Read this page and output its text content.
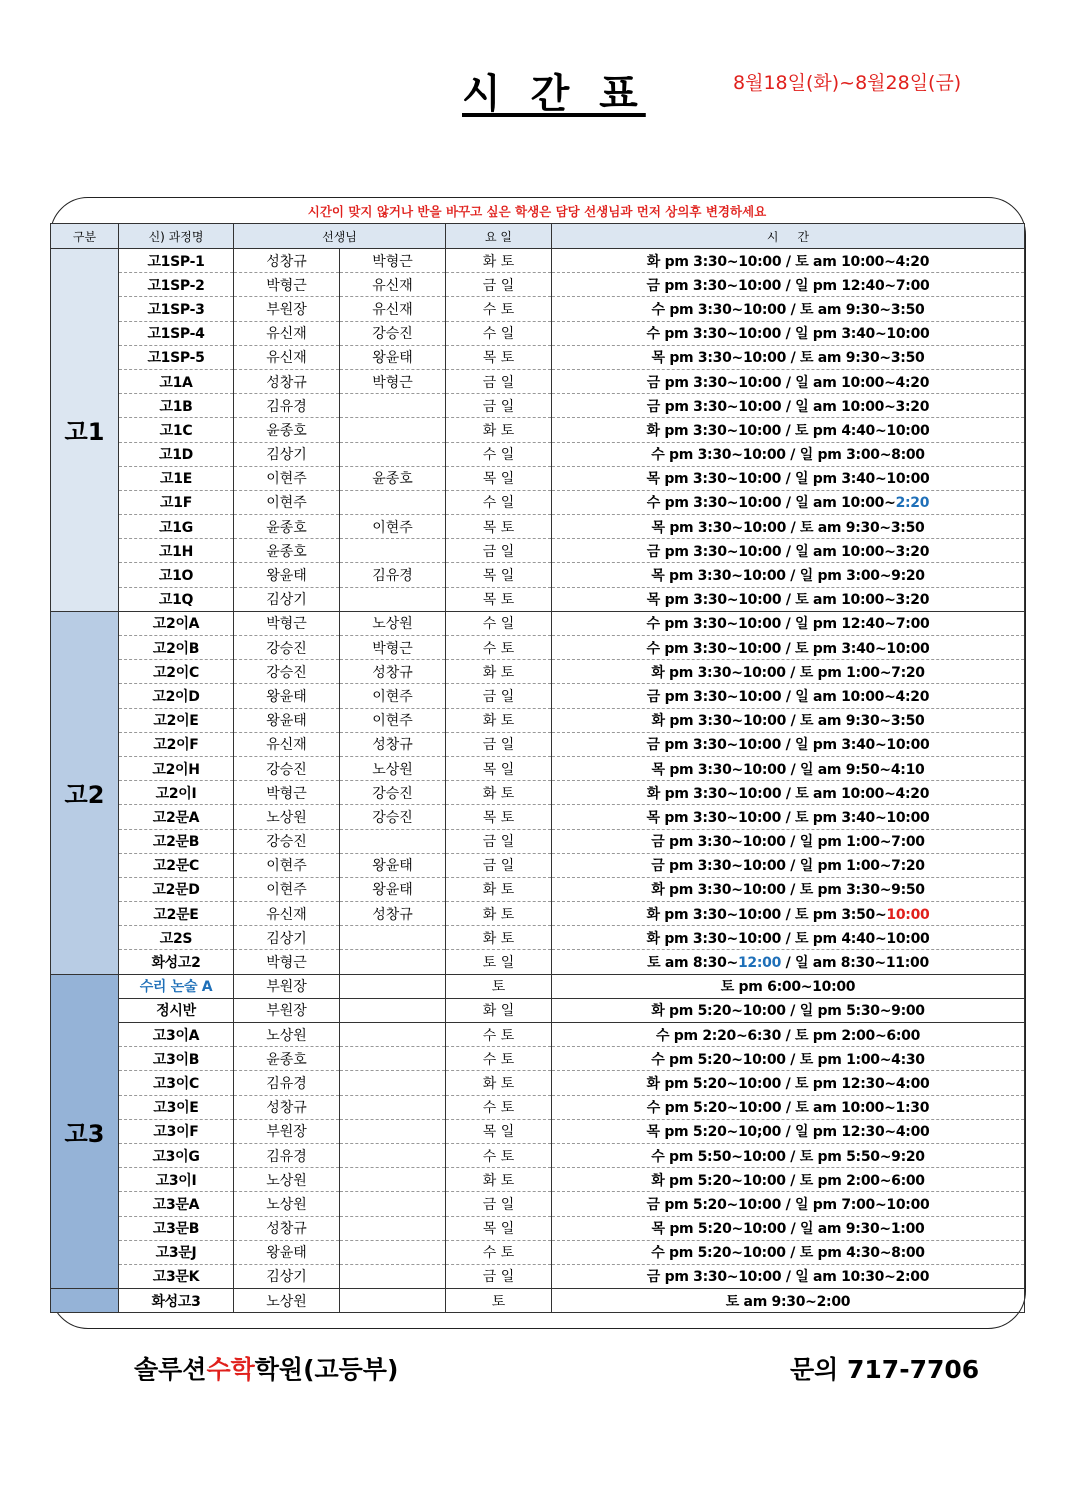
시 간 표	8월18일(화)~8월28일(금)
시간이 맞지 않거나 반을 바꾸고 싶은 학생은 담당 선생님과 먼저 상의후 변경하세요
구분	신) 과정명	선생님		요 일	시     간
고1	고1SP-1	성창규	박형근	화 토	화 pm 3:30~10:00 / 토 am 10:00~4:20
	고1SP-2	박형근	유신재	금 일	금 pm 3:30~10:00 / 일 pm 12:40~7:00
	고1SP-3	부원장	유신재	수 토	수 pm 3:30~10:00 / 토 am 9:30~3:50
	고1SP-4	유신재	강승진	수 일	수 pm 3:30~10:00 / 일 pm 3:40~10:00
	고1SP-5	유신재	왕윤태	목 토	목 pm 3:30~10:00 / 토 am 9:30~3:50
	고1A	성창규	박형근	금 일	금 pm 3:30~10:00 / 일 am 10:00~4:20
	고1B	김유경		금 일	금 pm 3:30~10:00 / 일 am 10:00~3:20
	고1C	윤종호		화 토	화 pm 3:30~10:00 / 토 pm 4:40~10:00
	고1D	김상기		수 일	수 pm 3:30~10:00 / 일 pm 3:00~8:00
	고1E	이현주	윤종호	목 일	목 pm 3:30~10:00 / 일 pm 3:40~10:00
	고1F	이현주		수 일	수 pm 3:30~10:00 / 일 am 10:00~2:20
	고1G	윤종호	이현주	목 토	목 pm 3:30~10:00 / 토 am 9:30~3:50
	고1H	윤종호		금 일	금 pm 3:30~10:00 / 일 am 10:00~3:20
	고1O	왕윤태	김유경	목 일	목 pm 3:30~10:00 / 일 pm 3:00~9:20
	고1Q	김상기		목 토	목 pm 3:30~10:00 / 토 am 10:00~3:20
고2	고2이A	박형근	노상원	수 일	수 pm 3:30~10:00 / 일 pm 12:40~7:00
	고2이B	강승진	박형근	수 토	수 pm 3:30~10:00 / 토 pm 3:40~10:00
	고2이C	강승진	성창규	화 토	화 pm 3:30~10:00 / 토 pm 1:00~7:20
	고2이D	왕윤태	이현주	금 일	금 pm 3:30~10:00 / 일 am 10:00~4:20
	고2이E	왕윤태	이현주	화 토	화 pm 3:30~10:00 / 토 am 9:30~3:50
	고2이F	유신재	성창규	금 일	금 pm 3:30~10:00 / 일 pm 3:40~10:00
	고2이H	강승진	노상원	목 일	목 pm 3:30~10:00 / 일 am 9:50~4:10
	고2이I	박형근	강승진	화 토	화 pm 3:30~10:00 / 토 am 10:00~4:20
	고2문A	노상원	강승진	목 토	목 pm 3:30~10:00 / 토 pm 3:40~10:00
	고2문B	강승진		금 일	금 pm 3:30~10:00 / 일 pm 1:00~7:00
	고2문C	이현주	왕윤태	금 일	금 pm 3:30~10:00 / 일 pm 1:00~7:20
	고2문D	이현주	왕윤태	화 토	화 pm 3:30~10:00 / 토 pm 3:30~9:50
	고2문E	유신재	성창규	화 토	화 pm 3:30~10:00 / 토 pm 3:50~10:00
	고2S	김상기		화 토	화 pm 3:30~10:00 / 토 pm 4:40~10:00
	화성고2	박형근		토 일	토 am 8:30~12:00 / 일 am 8:30~11:00
고3	수리 논술 A	부원장		토	토 pm 6:00~10:00
	정시반	부원장		화 일	화 pm 5:20~10:00 / 일 pm 5:30~9:00
	고3이A	노상원		수 토	수 pm 2:20~6:30 / 토 pm 2:00~6:00
	고3이B	윤종호		수 토	수 pm 5:20~10:00 / 토 pm 1:00~4:30
	고3이C	김유경		화 토	화 pm 5:20~10:00 / 토 pm 12:30~4:00
	고3이E	성창규		수 토	수 pm 5:20~10:00 / 토 am 10:00~1:30
	고3이F	부원장		목 일	목 pm 5:20~10;00 / 일 pm 12:30~4:00
	고3이G	김유경		수 토	수 pm 5:50~10:00 / 토 pm 5:50~9:20
	고3이I	노상원		화 토	화 pm 5:20~10:00 / 토 pm 2:00~6:00
	고3문A	노상원		금 일	금 pm 5:20~10:00 / 일 pm 7:00~10:00
	고3문B	성창규		목 일	목 pm 5:20~10:00 / 일 am 9:30~1:00
	고3문J	왕윤태		수 토	수 pm 5:20~10:00 / 토 pm 4:30~8:00
	고3문K	김상기		금 일	금 pm 3:30~10:00 / 일 am 10:30~2:00
	화성고3	노상원		토	토 am 9:30~2:00
솔루션수학학원(고등부)	문의 717-7706
